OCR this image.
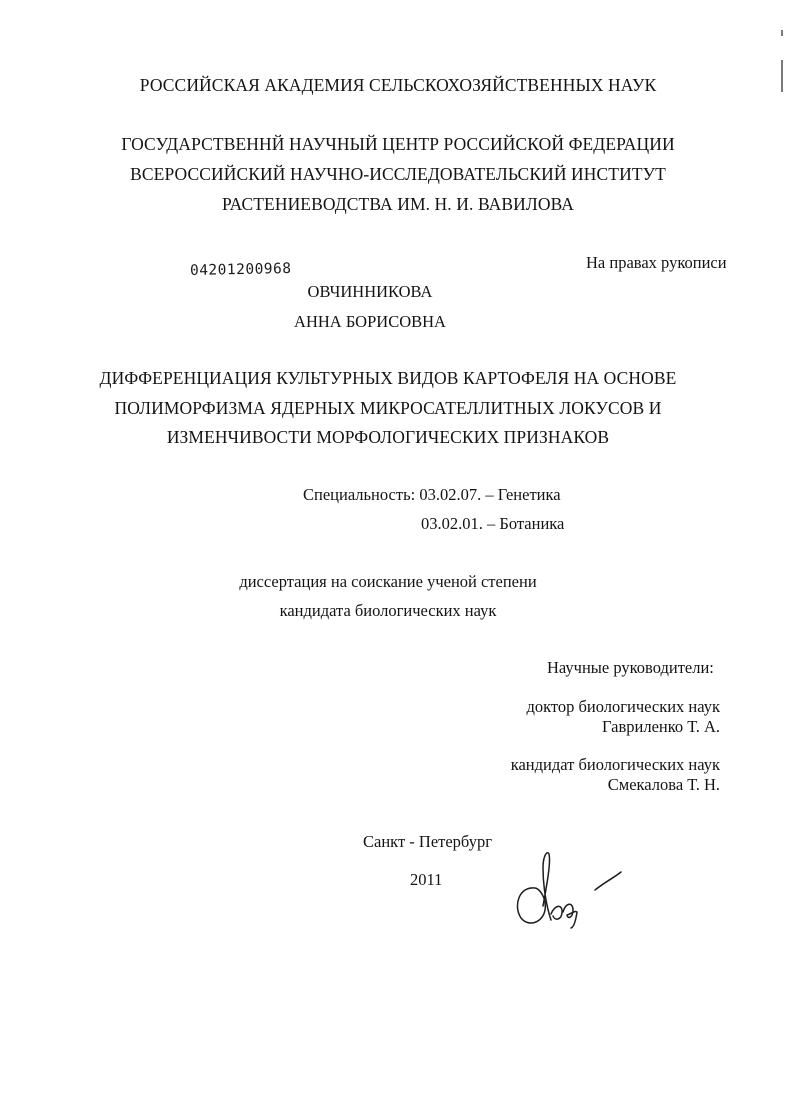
РОССИЙСКАЯ АКАДЕМИЯ СЕЛЬСКОХОЗЯЙСТВЕННЫХ НАУК
ГОСУДАРСТВЕННЙ НАУЧНЫЙ ЦЕНТР РОССИЙСКОЙ ФЕДЕРАЦИИ
ВСЕРОССИЙСКИЙ НАУЧНО-ИССЛЕДОВАТЕЛЬСКИЙ ИНСТИТУТ
РАСТЕНИЕВОДСТВА ИМ. Н. И. ВАВИЛОВА
04201200968	На правах рукописи
ОВЧИННИКОВА
АННА БОРИСОВНА
ДИФФЕРЕНЦИАЦИЯ КУЛЬТУРНЫХ ВИДОВ КАРТОФЕЛЯ НА ОСНОВЕ
ПОЛИМОРФИЗМА ЯДЕРНЫХ МИКРОСАТЕЛЛИТНЫХ ЛОКУСОВ И
ИЗМЕНЧИВОСТИ МОРФОЛОГИЧЕСКИХ ПРИЗНАКОВ
Специальность: 03.02.07. – Генетика
03.02.01. – Ботаника
диссертация на соискание ученой степени
кандидата биологических наук
Научные руководители:
доктор биологических наук
Гавриленко Т. А.
кандидат биологических наук
Смекалова Т. Н.
Санкт - Петербург
2011
